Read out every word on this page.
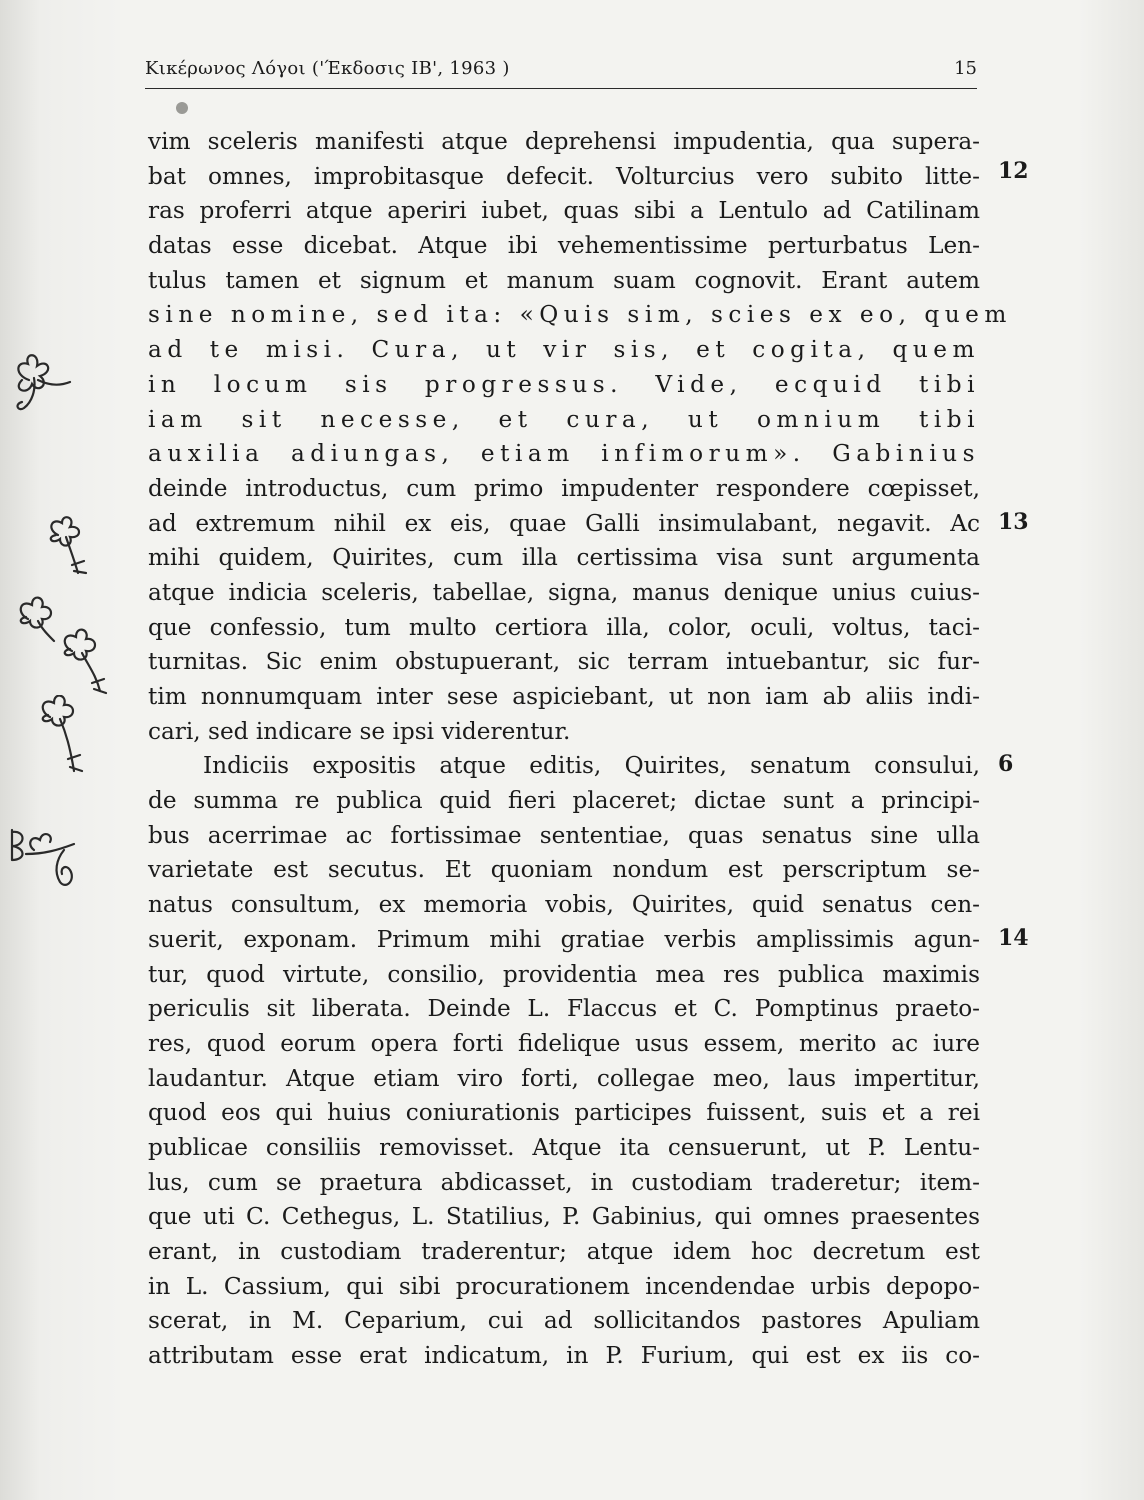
Κικέρωνος Λόγοι ('Έκδοσις ΙΒ', 1963 )	15
vim sceleris manifesti atque deprehensi impudentia, qua supera-
bat omnes, improbitasque defecit. Volturcius vero subito litte-
ras proferri atque aperiri iubet, quas sibi a Lentulo ad Catilinam
datas esse dicebat. Atque ibi vehementissime perturbatus Len-
tulus tamen et signum et manum suam cognovit. Erant autem
sine nomine, sed ita: «Quis sim, scies ex eo, quem
ad te misi. Cura, ut vir sis, et cogita, quem
in locum sis progressus. Vide, ecquid tibi
iam sit necesse, et cura, ut omnium tibi
auxilia adiungas, etiam infimorum». Gabinius
deinde introductus, cum primo impudenter respondere cœpisset,
ad extremum nihil ex eis, quae Galli insimulabant, negavit. Ac
mihi quidem, Quirites, cum illa certissima visa sunt argumenta
atque indicia sceleris, tabellae, signa, manus denique unius cuius-
que confessio, tum multo certiora illa, color, oculi, voltus, taci-
turnitas. Sic enim obstupuerant, sic terram intuebantur, sic fur-
tim nonnumquam inter sese aspiciebant, ut non iam ab aliis indi-
cari, sed indicare se ipsi viderentur.
Indiciis expositis atque editis, Quirites, senatum consului,
de summa re publica quid fieri placeret; dictae sunt a principi-
bus acerrimae ac fortissimae sententiae, quas senatus sine ulla
varietate est secutus. Et quoniam nondum est perscriptum se-
natus consultum, ex memoria vobis, Quirites, quid senatus cen-
suerit, exponam. Primum mihi gratiae verbis amplissimis agun-
tur, quod virtute, consilio, providentia mea res publica maximis
periculis sit liberata. Deinde L. Flaccus et C. Pomptinus praeto-
res, quod eorum opera forti fidelique usus essem, merito ac iure
laudantur. Atque etiam viro forti, collegae meo, laus impertitur,
quod eos qui huius coniurationis participes fuissent, suis et a rei
publicae consiliis removisset. Atque ita censuerunt, ut P. Lentu-
lus, cum se praetura abdicasset, in custodiam traderetur; item-
que uti C. Cethegus, L. Statilius, P. Gabinius, qui omnes praesentes
erant, in custodiam traderentur; atque idem hoc decretum est
in L. Cassium, qui sibi procurationem incendendae urbis depopo-
scerat, in M. Ceparium, cui ad sollicitandos pastores Apuliam
attributam esse erat indicatum, in P. Furium, qui est ex iis co-
12
13
6
14
